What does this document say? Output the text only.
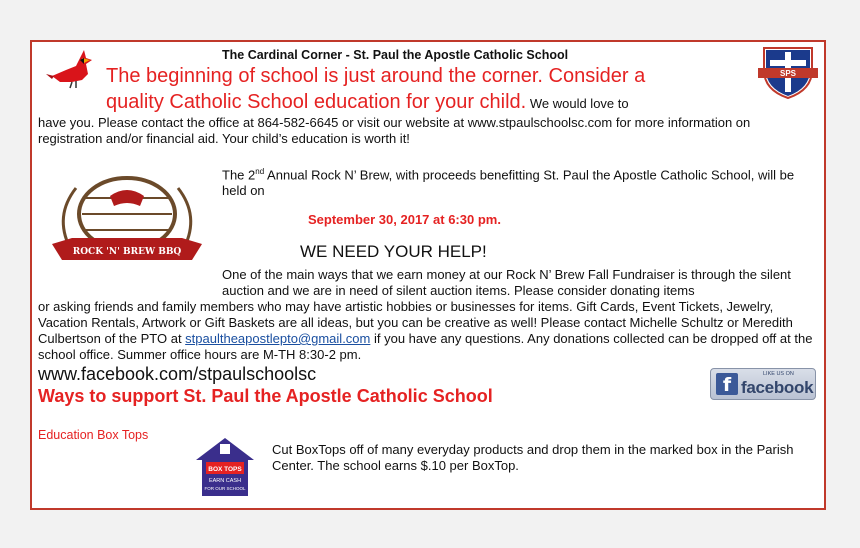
The Cardinal Corner - St. Paul the Apostle Catholic School
The beginning of school is just around the corner. Consider a
quality Catholic School education for your child. We would love to
have you. Please contact the office at 864-582-6645 or visit our website at www.stpaulschoolsc.com for more information on registration and/or financial aid. Your child’s education is worth it!
SPS
ROCK 'N' BREW BBQ
The 2nd Annual Rock N’ Brew, with proceeds benefitting St. Paul the Apostle Catholic School, will be held on
September 30, 2017 at 6:30 pm.
WE NEED YOUR HELP!
One of the main ways that we earn money at our Rock N’ Brew Fall Fundraiser is through the silent auction and we are in need of silent auction items. Please consider donating items
or asking friends and family members who may have artistic hobbies or businesses for items. Gift Cards, Event Tickets, Jewelry, Vacation Rentals, Artwork or Gift Baskets are all ideas, but you can be creative as well! Please contact Michelle Schultz or Meredith Culbertson of the PTO at stpaultheapostlepto@gmail.com if you have any questions. Any donations collected can be dropped off at the school office. Summer office hours are M-TH 8:30-2 pm.
www.facebook.com/stpaulschoolsc	f	LIKE US ON
facebook
Ways to support St. Paul the Apostle Catholic School
Education Box Tops
BOX TOPS
EARN CASH
FOR OUR SCHOOL
Cut BoxTops off of many everyday products and drop them in the marked box in the Parish Center. The school earns $.10 per BoxTop.
